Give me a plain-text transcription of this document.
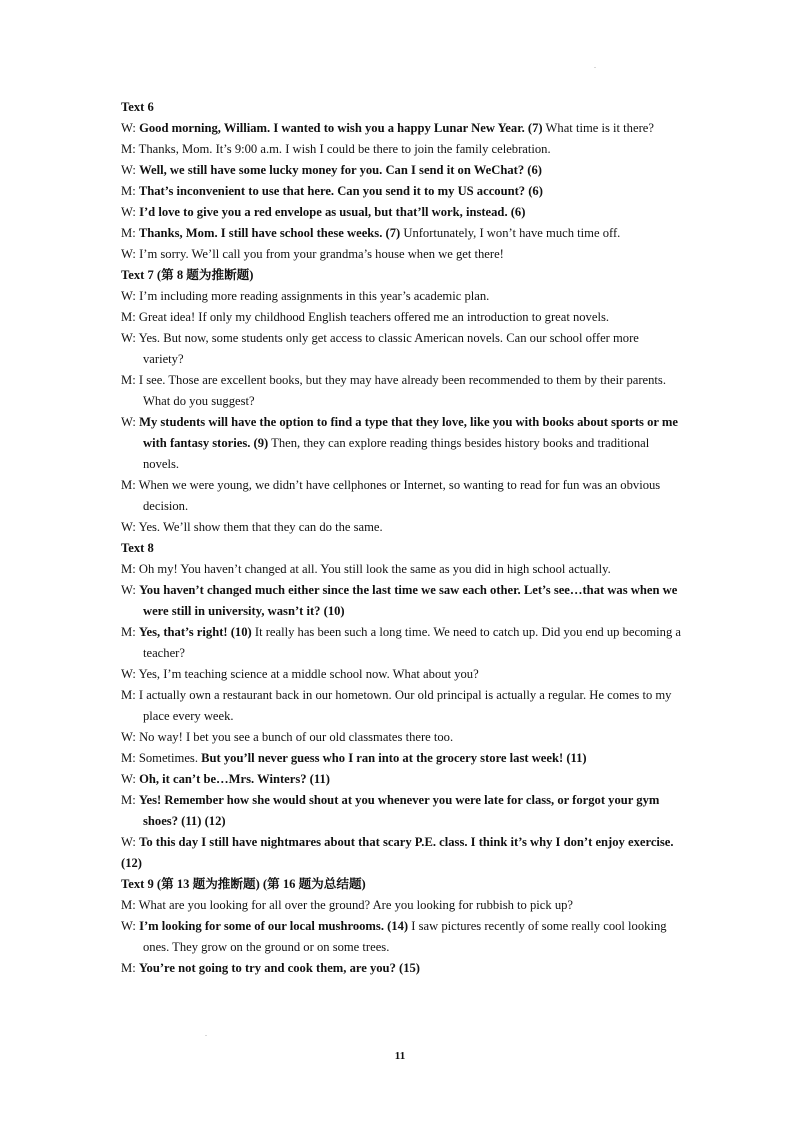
.
Text 6
W: Good morning, William. I wanted to wish you a happy Lunar New Year. (7) What time is it there?
M: Thanks, Mom. It’s 9:00 a.m. I wish I could be there to join the family celebration.
W: Well, we still have some lucky money for you. Can I send it on WeChat? (6)
M: That’s inconvenient to use that here. Can you send it to my US account? (6)
W: I’d love to give you a red envelope as usual, but that’ll work, instead. (6)
M: Thanks, Mom. I still have school these weeks. (7) Unfortunately, I won’t have much time off.
W: I’m sorry. We’ll call you from your grandma’s house when we get there!
Text 7 (第 8 题为推断题)
W: I’m including more reading assignments in this year’s academic plan.
M: Great idea! If only my childhood English teachers offered me an introduction to great novels.
W: Yes. But now, some students only get access to classic American novels. Can our school offer more variety?
M: I see. Those are excellent books, but they may have already been recommended to them by their parents. What do you suggest?
W: My students will have the option to find a type that they love, like you with books about sports or me with fantasy stories. (9) Then, they can explore reading things besides history books and traditional novels.
M: When we were young, we didn’t have cellphones or Internet, so wanting to read for fun was an obvious decision.
W: Yes. We’ll show them that they can do the same.
Text 8
M: Oh my! You haven’t changed at all. You still look the same as you did in high school actually.
W: You haven’t changed much either since the last time we saw each other. Let’s see…that was when we were still in university, wasn’t it? (10)
M: Yes, that’s right! (10) It really has been such a long time. We need to catch up. Did you end up becoming a teacher?
W: Yes, I’m teaching science at a middle school now. What about you?
M: I actually own a restaurant back in our hometown. Our old principal is actually a regular. He comes to my place every week.
W: No way! I bet you see a bunch of our old classmates there too.
M: Sometimes. But you’ll never guess who I ran into at the grocery store last week! (11)
W: Oh, it can’t be…Mrs. Winters? (11)
M: Yes! Remember how she would shout at you whenever you were late for class, or forgot your gym shoes? (11) (12)
W: To this day I still have nightmares about that scary P.E. class. I think it’s why I don’t enjoy exercise. (12)
Text 9 (第 13 题为推断题) (第 16 题为总结题)
M: What are you looking for all over the ground? Are you looking for rubbish to pick up?
W: I’m looking for some of our local mushrooms. (14) I saw pictures recently of some really cool looking ones. They grow on the ground or on some trees.
M: You’re not going to try and cook them, are you? (15)
.
11
